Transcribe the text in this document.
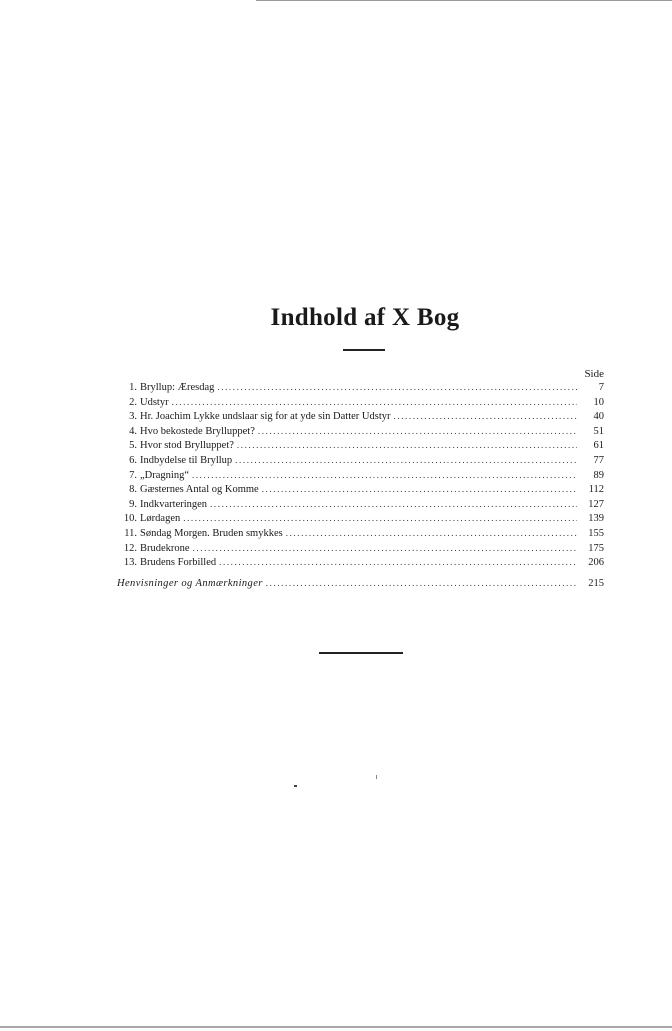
Indhold af X Bog
Side
1. Bryllup: Æresdag .....	7
2. Udstyr .....	10
3. Hr. Joachim Lykke undslaar sig for at yde sin Datter Udstyr .....	40
4. Hvo bekostede Brylluppet? .....	51
5. Hvor stod Brylluppet? .....	61
6. Indbydelse til Bryllup .....	77
7. „Dragning“ .....	89
8. Gæsternes Antal og Komme .....	112
9. Indkvarteringen .....	127
10. Lørdagen .....	139
11. Søndag Morgen. Bruden smykkes .....	155
12. Brudekrone .....	175
13. Brudens Forbilled .....	206
Henvisninger og Anmærkninger .....	215
